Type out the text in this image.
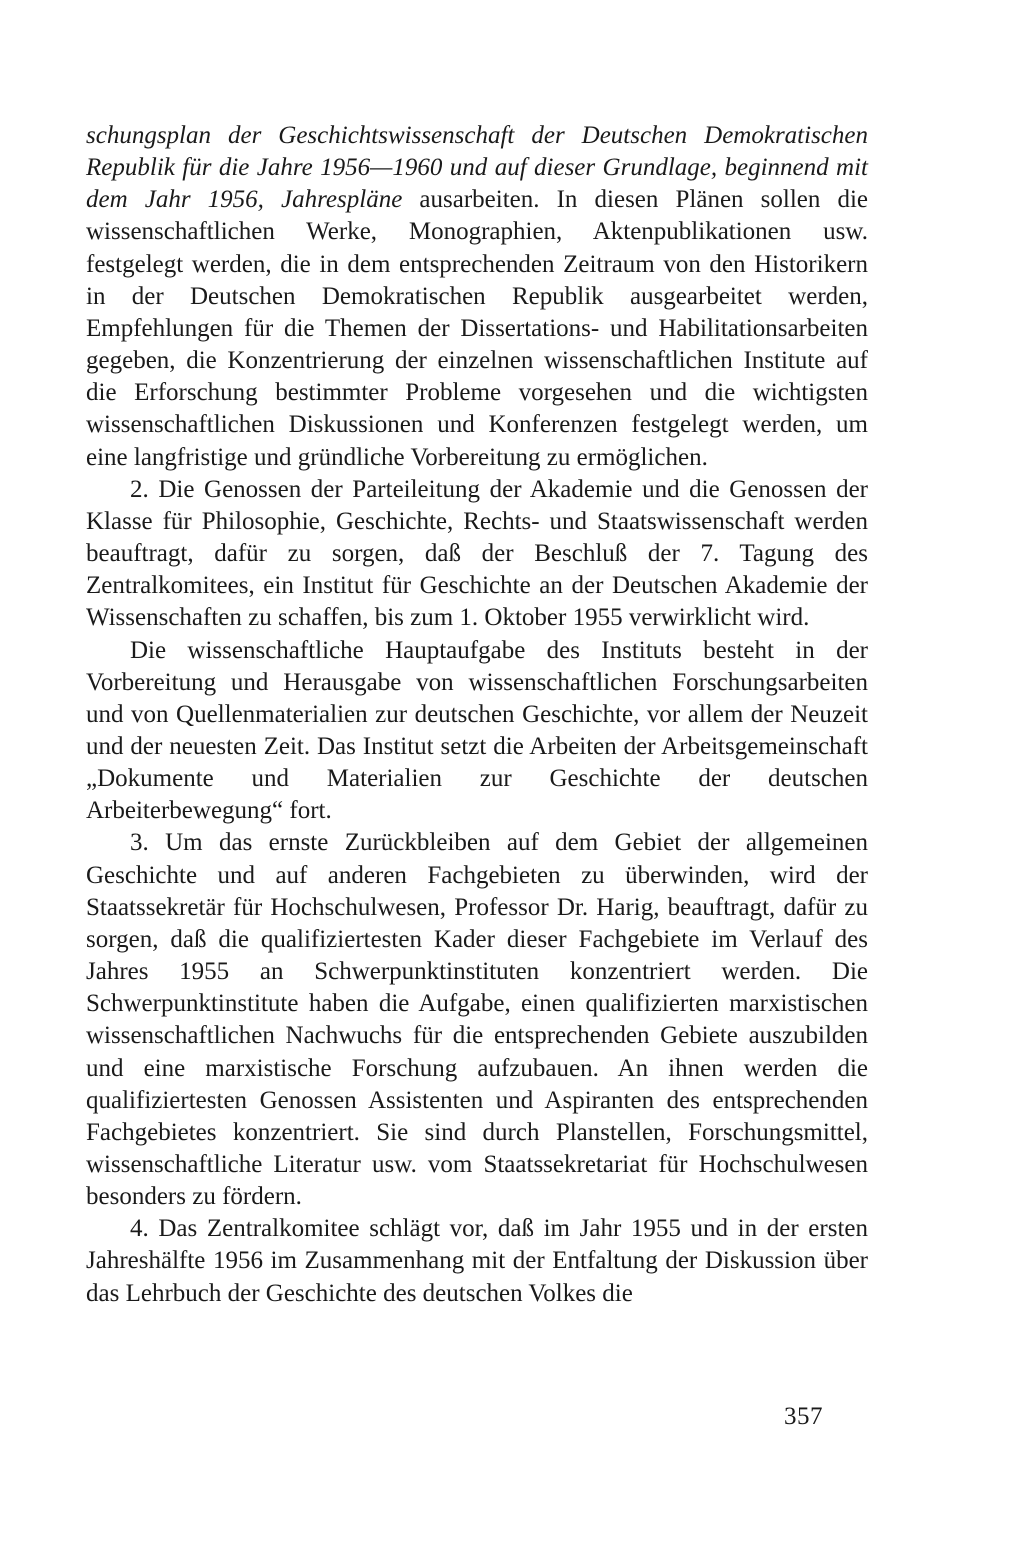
schungsplan der Geschichtswissenschaft der Deutschen Demokratischen Republik für die Jahre 1956—1960 und auf dieser Grundlage, beginnend mit dem Jahr 1956, Jahrespläne ausarbeiten. In diesen Plänen sollen die wissenschaftlichen Werke, Monographien, Aktenpublikationen usw. festgelegt werden, die in dem entsprechenden Zeitraum von den Historikern in der Deutschen Demokratischen Republik ausgearbeitet werden, Empfehlungen für die Themen der Dissertations- und Habilitationsarbeiten gegeben, die Konzentrierung der einzelnen wissenschaftlichen Institute auf die Erforschung bestimmter Probleme vorgesehen und die wichtigsten wissenschaftlichen Diskussionen und Konferenzen festgelegt werden, um eine langfristige und gründliche Vorbereitung zu ermöglichen.

2. Die Genossen der Parteileitung der Akademie und die Genossen der Klasse für Philosophie, Geschichte, Rechts- und Staatswissenschaft werden beauftragt, dafür zu sorgen, daß der Beschluß der 7. Tagung des Zentralkomitees, ein Institut für Geschichte an der Deutschen Akademie der Wissenschaften zu schaffen, bis zum 1. Oktober 1955 verwirklicht wird.

Die wissenschaftliche Hauptaufgabe des Instituts besteht in der Vorbereitung und Herausgabe von wissenschaftlichen Forschungsarbeiten und von Quellenmaterialien zur deutschen Geschichte, vor allem der Neuzeit und der neuesten Zeit. Das Institut setzt die Arbeiten der Arbeitsgemeinschaft „Dokumente und Materialien zur Geschichte der deutschen Arbeiterbewegung“ fort.

3. Um das ernste Zurückbleiben auf dem Gebiet der allgemeinen Geschichte und auf anderen Fachgebieten zu überwinden, wird der Staatssekretär für Hochschulwesen, Professor Dr. Harig, beauftragt, dafür zu sorgen, daß die qualifiziertesten Kader dieser Fachgebiete im Verlauf des Jahres 1955 an Schwerpunktinstituten konzentriert werden. Die Schwerpunktinstitute haben die Aufgabe, einen qualifizierten marxistischen wissenschaftlichen Nachwuchs für die entsprechenden Gebiete auszubilden und eine marxistische Forschung aufzubauen. An ihnen werden die qualifiziertesten Genossen Assistenten und Aspiranten des entsprechenden Fachgebietes konzentriert. Sie sind durch Planstellen, Forschungsmittel, wissenschaftliche Literatur usw. vom Staatssekretariat für Hochschulwesen besonders zu fördern.

4. Das Zentralkomitee schlägt vor, daß im Jahr 1955 und in der ersten Jahreshälfte 1956 im Zusammenhang mit der Entfaltung der Diskussion über das Lehrbuch der Geschichte des deutschen Volkes die

357
